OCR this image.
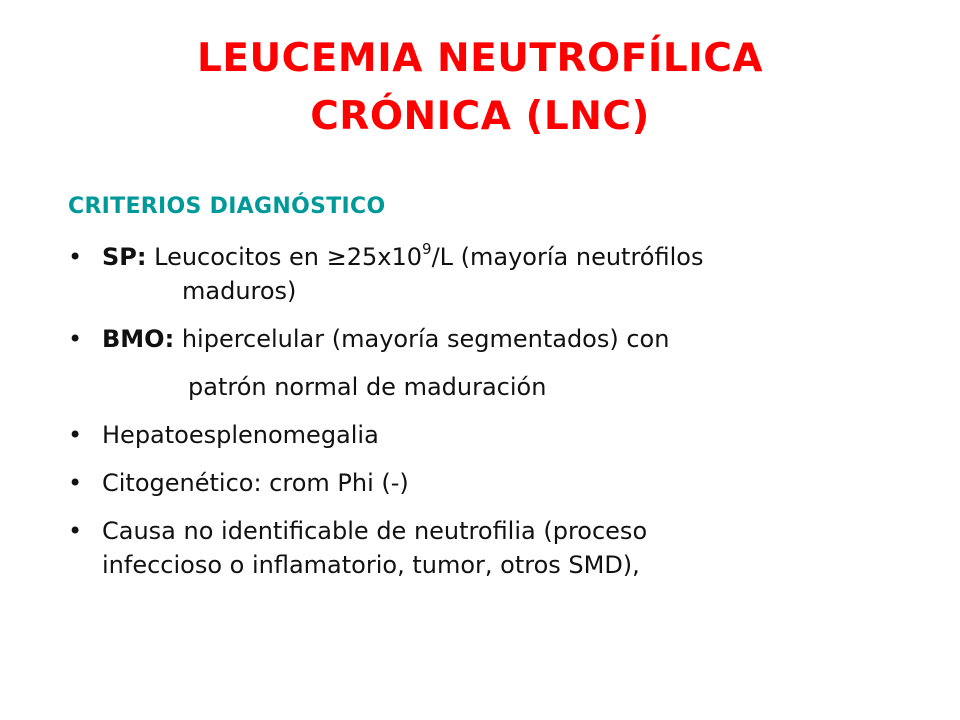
LEUCEMIA NEUTROFÍLICA
CRÓNICA (LNC)
CRITERIOS DIAGNÓSTICO
• SP: Leucocitos en $\ge 25x10^9/L$ (mayoría neutrófilos
maduros)
• BMO: hipercelular (mayoría segmentados) con
patrón normal de maduración
• Hepatoesplenomegalia
• Citogenético: crom Phi (-)
• Causa no identificable de neutrofilia (proceso
infeccioso o inflamatorio, tumor, otros SMD),
